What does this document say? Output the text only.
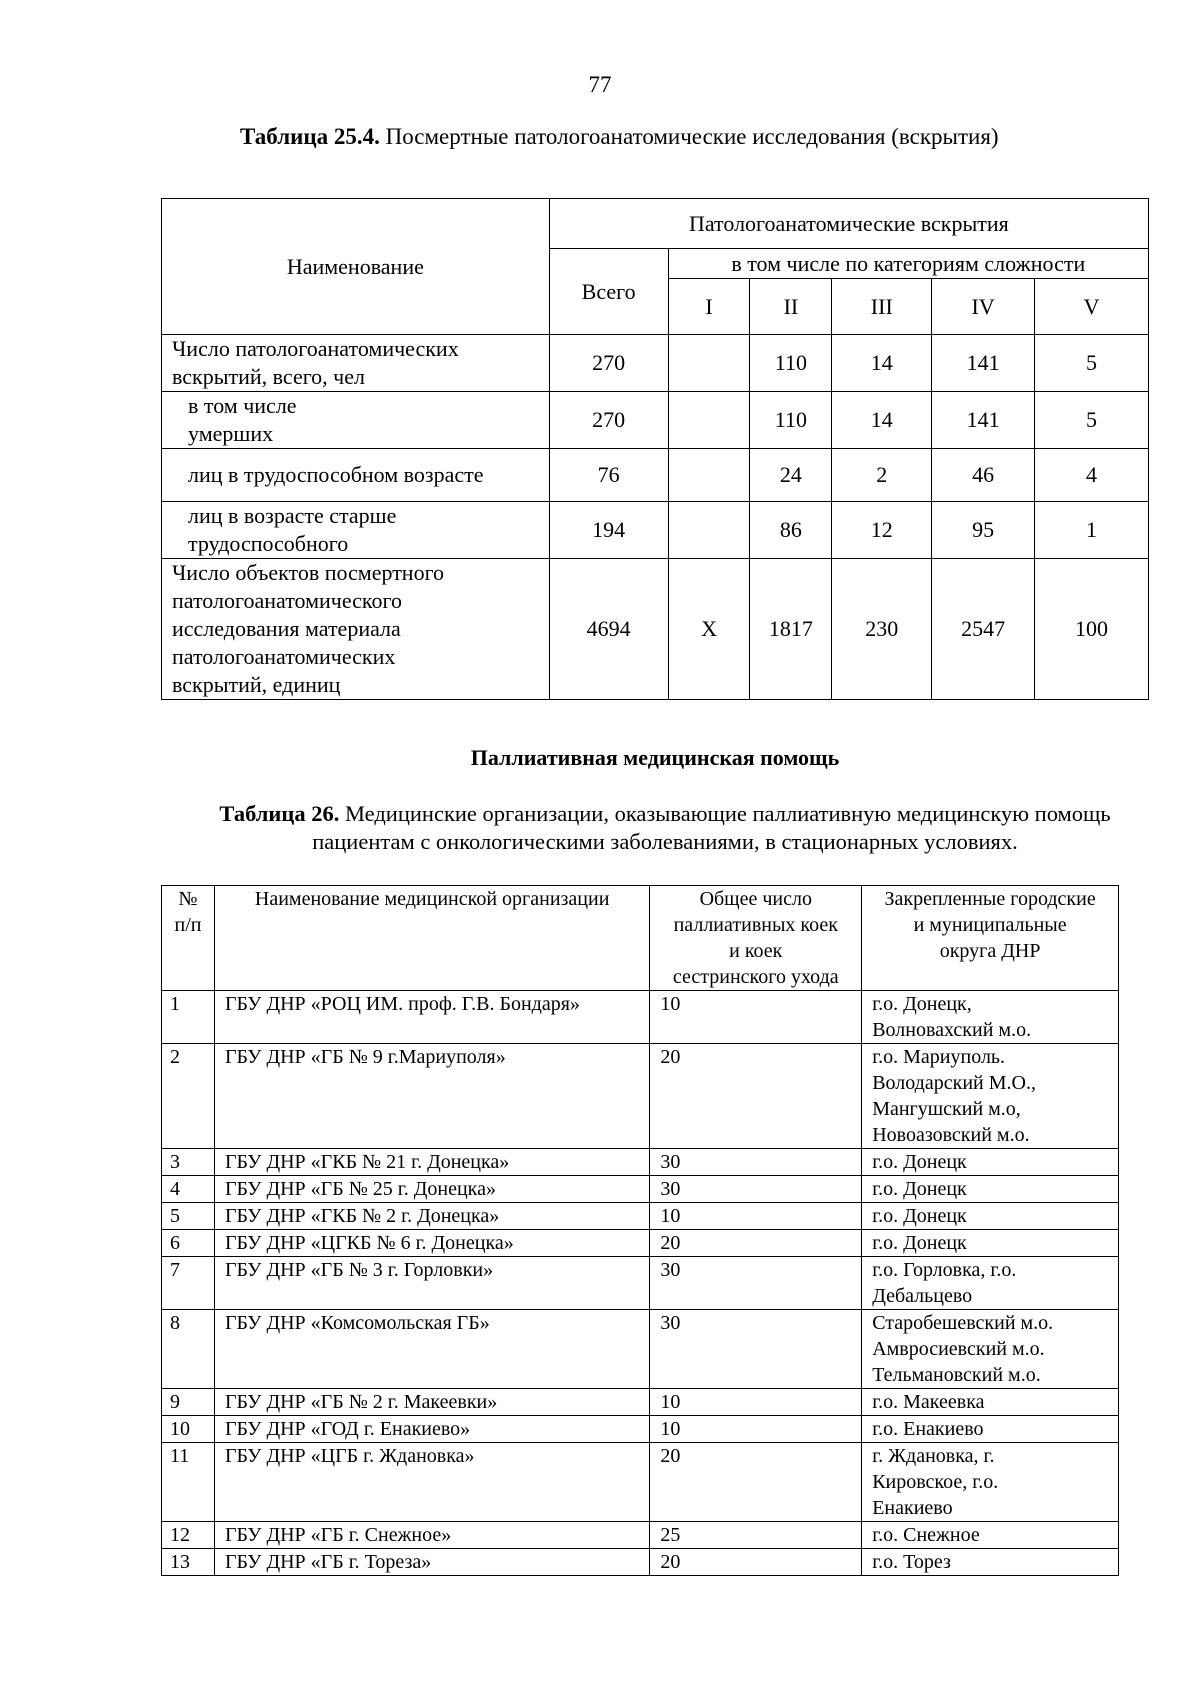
77
Таблица 25.4. Посмертные патологоанатомические исследования (вскрытия)
Наименование	Патологоанатомические вскрытия					
	Всего	в том числе по категориям сложности				
		I	II	III	IV	V

Число патологоанатомических
вскрытий, всего, чел	270		110	14	141	5

в том числе
умерших	270		110	14	141	5

лиц в трудоспособном возрасте	76		24	2	46	4

лиц в возрасте старше
трудоспособного	194		86	12	95	1

Число объектов посмертного
патологоанатомического
исследования материала
патологоанатомических
вскрытий, единиц	4694	Х	1817	230	2547	100
Паллиативная медицинская помощь
Таблица 26. Медицинские организации, оказывающие паллиативную медицинскую помощь
пациентам с онкологическими заболеваниями, в стационарных условиях.
№
п/п	Наименование медицинской организации	Общее число
паллиативных коек
и коек
сестринского ухода	Закрепленные городские
и муниципальные
округа ДНР

1	ГБУ ДНР «РОЦ ИМ. проф. Г.В. Бондаря»	10	г.о. Донецк,
Волновахский м.о.

2	ГБУ ДНР «ГБ № 9 г.Мариуполя»	20	г.о. Мариуполь.
Володарский М.О.,
Мангушский м.о,
Новоазовский м.о.

3	ГБУ ДНР «ГКБ № 21 г. Донецка»	30	г.о. Донецк

4	ГБУ ДНР «ГБ № 25 г. Донецка»	30	г.о. Донецк

5	ГБУ ДНР «ГКБ № 2 г. Донецка»	10	г.о. Донецк

6	ГБУ ДНР «ЦГКБ № 6 г. Донецка»	20	г.о. Донецк

7	ГБУ ДНР «ГБ № 3 г. Горловки»	30	г.о. Горловка, г.о.
Дебальцево

8	ГБУ ДНР «Комсомольская ГБ»	30	Старобешевский м.о.
Амвросиевский м.о.
Тельмановский м.о.

9	ГБУ ДНР «ГБ № 2 г. Макеевки»	10	г.о. Макеевка

10	ГБУ ДНР «ГОД г. Енакиево»	10	г.о. Енакиево

11	ГБУ ДНР «ЦГБ г. Ждановка»	20	г. Ждановка, г.
Кировское, г.о.
Енакиево

12	ГБУ ДНР «ГБ г. Снежное»	25	г.о. Снежное

13	ГБУ ДНР «ГБ г. Тореза»	20	г.о. Торез
